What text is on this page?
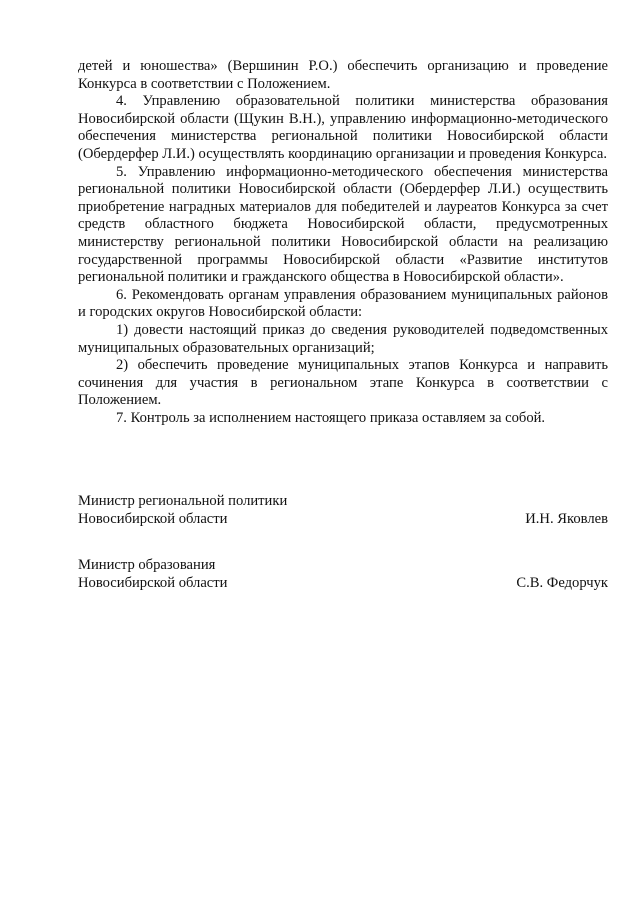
детей и юношества» (Вершинин Р.О.) обеспечить организацию и проведение Конкурса в соответствии с Положением.

4. Управлению образовательной политики министерства образования Новосибирской области (Щукин В.Н.), управлению информационно-методического обеспечения министерства региональной политики Новосибирской области (Обердерфер Л.И.) осуществлять координацию организации и проведения Конкурса.

5. Управлению информационно-методического обеспечения министерства региональной политики Новосибирской области (Обердерфер Л.И.) осуществить приобретение наградных материалов для победителей и лауреатов Конкурса за счет средств областного бюджета Новосибирской области, предусмотренных министерству региональной политики Новосибирской области на реализацию государственной программы Новосибирской области «Развитие институтов региональной политики и гражданского общества в Новосибирской области».

6. Рекомендовать органам управления образованием муниципальных районов и городских округов Новосибирской области:

1) довести настоящий приказ до сведения руководителей подведомственных муниципальных образовательных организаций;

2) обеспечить проведение муниципальных этапов Конкурса и направить сочинения для участия в региональном этапе Конкурса в соответствии с Положением.

7. Контроль за исполнением настоящего приказа оставляем за собой.

Министр региональной политики
Новосибирской области	И.Н. Яковлев
Министр образования
Новосибирской области	С.В. Федорчук
